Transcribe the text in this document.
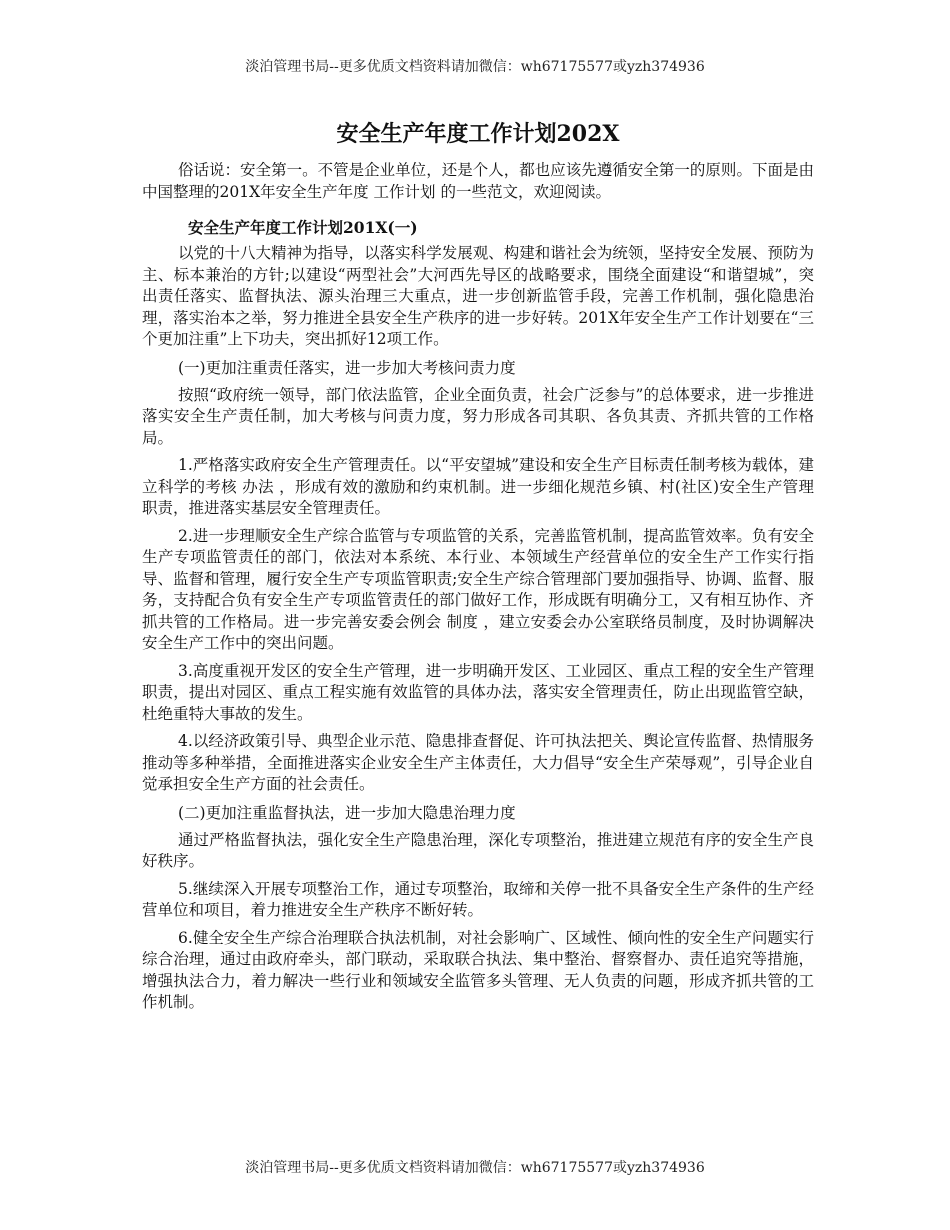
淡泊管理书局--更多优质文档资料请加微信：wh67175577或yzh374936
安全生产年度工作计划202X

俗话说：安全第一。不管是企业单位，还是个人，都也应该先遵循安全第一的原则。下面是由中国整理的201X年安全生产年度 工作计划 的一些范文，欢迎阅读。

安全生产年度工作计划201X(一)

以党的十八大精神为指导，以落实科学发展观、构建和谐社会为统领，坚持安全发展、预防为主、标本兼治的方针;以建设“两型社会”大河西先导区的战略要求，围绕全面建设“和谐望城”，突出责任落实、监督执法、源头治理三大重点，进一步创新监管手段，完善工作机制，强化隐患治理，落实治本之举，努力推进全县安全生产秩序的进一步好转。201X年安全生产工作计划要在“三个更加注重”上下功夫，突出抓好12项工作。

(一)更加注重责任落实，进一步加大考核问责力度

按照“政府统一领导，部门依法监管，企业全面负责，社会广泛参与”的总体要求，进一步推进落实安全生产责任制，加大考核与问责力度，努力形成各司其职、各负其责、齐抓共管的工作格局。

1.严格落实政府安全生产管理责任。以“平安望城”建设和安全生产目标责任制考核为载体，建立科学的考核 办法 ，形成有效的激励和约束机制。进一步细化规范乡镇、村(社区)安全生产管理职责，推进落实基层安全管理责任。

2.进一步理顺安全生产综合监管与专项监管的关系，完善监管机制，提高监管效率。负有安全生产专项监管责任的部门，依法对本系统、本行业、本领域生产经营单位的安全生产工作实行指导、监督和管理，履行安全生产专项监管职责;安全生产综合管理部门要加强指导、协调、监督、服务，支持配合负有安全生产专项监管责任的部门做好工作，形成既有明确分工，又有相互协作、齐抓共管的工作格局。进一步完善安委会例会 制度 ，建立安委会办公室联络员制度，及时协调解决安全生产工作中的突出问题。

3.高度重视开发区的安全生产管理，进一步明确开发区、工业园区、重点工程的安全生产管理职责，提出对园区、重点工程实施有效监管的具体办法，落实安全管理责任，防止出现监管空缺，杜绝重特大事故的发生。

4.以经济政策引导、典型企业示范、隐患排查督促、许可执法把关、舆论宣传监督、热情服务推动等多种举措，全面推进落实企业安全生产主体责任，大力倡导“安全生产荣辱观”，引导企业自觉承担安全生产方面的社会责任。

(二)更加注重监督执法，进一步加大隐患治理力度

通过严格监督执法，强化安全生产隐患治理，深化专项整治，推进建立规范有序的安全生产良好秩序。

5.继续深入开展专项整治工作，通过专项整治，取缔和关停一批不具备安全生产条件的生产经营单位和项目，着力推进安全生产秩序不断好转。

6.健全安全生产综合治理联合执法机制，对社会影响广、区域性、倾向性的安全生产问题实行综合治理，通过由政府牵头，部门联动，采取联合执法、集中整治、督察督办、责任追究等措施，增强执法合力，着力解决一些行业和领域安全监管多头管理、无人负责的问题，形成齐抓共管的工作机制。

淡泊管理书局--更多优质文档资料请加微信：wh67175577或yzh374936
